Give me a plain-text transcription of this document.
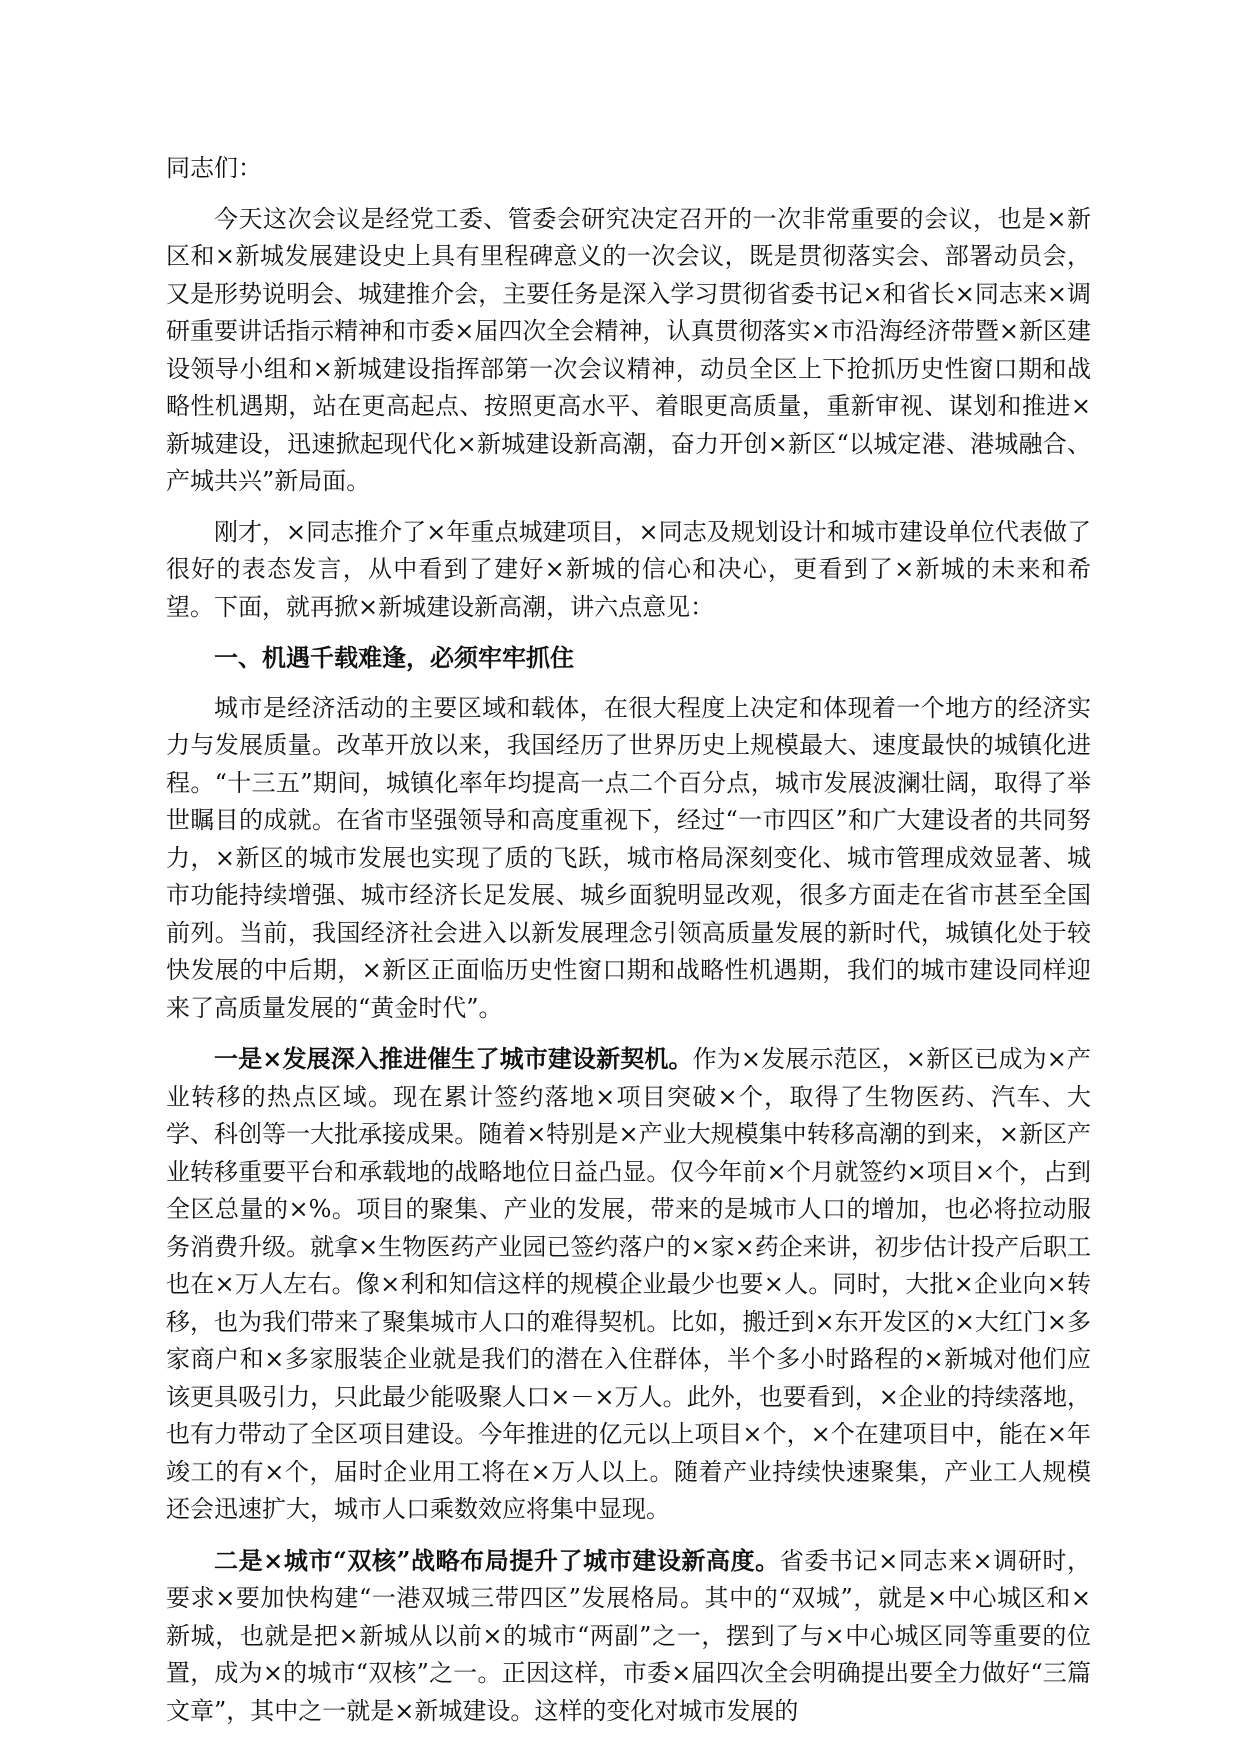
同志们：

今天这次会议是经党工委、管委会研究决定召开的一次非常重要的会议，也是×新区和×新城发展建设史上具有里程碑意义的一次会议，既是贯彻落实会、部署动员会，又是形势说明会、城建推介会，主要任务是深入学习贯彻省委书记×和省长×同志来×调研重要讲话指示精神和市委×届四次全会精神，认真贯彻落实×市沿海经济带暨×新区建设领导小组和×新城建设指挥部第一次会议精神，动员全区上下抢抓历史性窗口期和战略性机遇期，站在更高起点、按照更高水平、着眼更高质量，重新审视、谋划和推进×新城建设，迅速掀起现代化×新城建设新高潮，奋力开创×新区“以城定港、港城融合、产城共兴”新局面。

刚才，×同志推介了×年重点城建项目，×同志及规划设计和城市建设单位代表做了很好的表态发言，从中看到了建好×新城的信心和决心，更看到了×新城的未来和希望。下面，就再掀×新城建设新高潮，讲六点意见：

一、机遇千载难逢，必须牢牢抓住

城市是经济活动的主要区域和载体，在很大程度上决定和体现着一个地方的经济实力与发展质量。改革开放以来，我国经历了世界历史上规模最大、速度最快的城镇化进程。“十三五”期间，城镇化率年均提高一点二个百分点，城市发展波澜壮阔，取得了举世瞩目的成就。在省市坚强领导和高度重视下，经过“一市四区”和广大建设者的共同努力，×新区的城市发展也实现了质的飞跃，城市格局深刻变化、城市管理成效显著、城市功能持续增强、城市经济长足发展、城乡面貌明显改观，很多方面走在省市甚至全国前列。当前，我国经济社会进入以新发展理念引领高质量发展的新时代，城镇化处于较快发展的中后期，×新区正面临历史性窗口期和战略性机遇期，我们的城市建设同样迎来了高质量发展的“黄金时代”。

一是×发展深入推进催生了城市建设新契机。作为×发展示范区，×新区已成为×产业转移的热点区域。现在累计签约落地×项目突破×个，取得了生物医药、汽车、大学、科创等一大批承接成果。随着×特别是×产业大规模集中转移高潮的到来，×新区产业转移重要平台和承载地的战略地位日益凸显。仅今年前×个月就签约×项目×个，占到全区总量的×%。项目的聚集、产业的发展，带来的是城市人口的增加，也必将拉动服务消费升级。就拿×生物医药产业园已签约落户的×家×药企来讲，初步估计投产后职工也在×万人左右。像×利和知信这样的规模企业最少也要×人。同时，大批×企业向×转移，也为我们带来了聚集城市人口的难得契机。比如，搬迁到×东开发区的×大红门×多家商户和×多家服装企业就是我们的潜在入住群体，半个多小时路程的×新城对他们应该更具吸引力，只此最少能吸聚人口×－×万人。此外，也要看到，×企业的持续落地，也有力带动了全区项目建设。今年推进的亿元以上项目×个，×个在建项目中，能在×年竣工的有×个，届时企业用工将在×万人以上。随着产业持续快速聚集，产业工人规模还会迅速扩大，城市人口乘数效应将集中显现。

二是×城市“双核”战略布局提升了城市建设新高度。省委书记×同志来×调研时，要求×要加快构建“一港双城三带四区”发展格局。其中的“双城”，就是×中心城区和×新城，也就是把×新城从以前×的城市“两副”之一，摆到了与×中心城区同等重要的位置，成为×的城市“双核”之一。正因这样，市委×届四次全会明确提出要全力做好“三篇文章”，其中之一就是×新城建设。这样的变化对城市发展的
